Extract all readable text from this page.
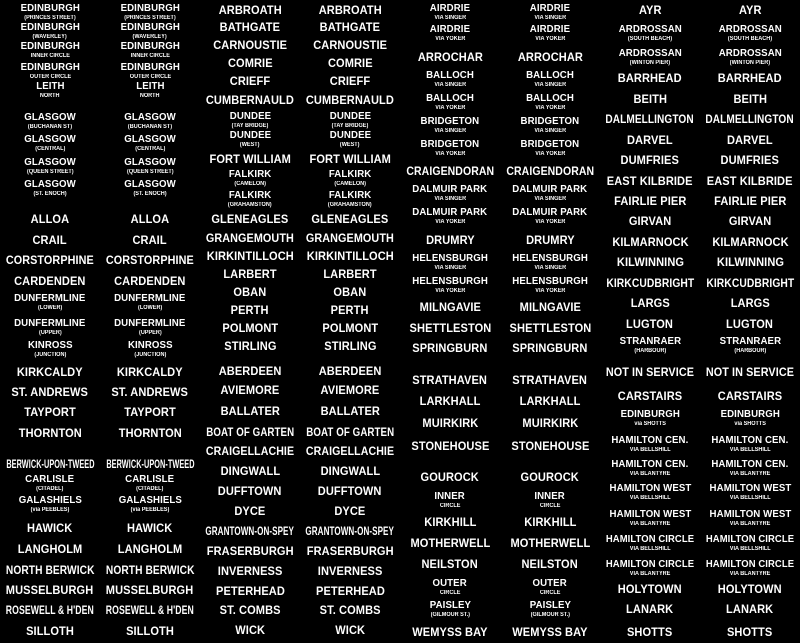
EDINBURGH
(PRINCES STREET)
EDINBURGH
(WAVERLEY)
EDINBURGH
INNER CIRCLE
EDINBURGH
OUTER CIRCLE
LEITH
NORTH
GLASGOW
(BUCHANAN ST)
GLASGOW
(CENTRAL)
GLASGOW
(QUEEN STREET)
GLASGOW
(ST. ENOCH)
ALLOA
CRAIL
CORSTORPHINE
CARDENDEN
DUNFERMLINE
(LOWER)
DUNFERMLINE
(UPPER)
KINROSS
(JUNCTION)
KIRKCALDY
ST. ANDREWS
TAYPORT
THORNTON
BERWICK-UPON-TWEED
CARLISLE
(CITADEL)
GALASHIELS
(via PEEBLES)
HAWICK
LANGHOLM
NORTH BERWICK
MUSSELBURGH
ROSEWELL & H'DEN
SILLOTH
EDINBURGH
(PRINCES STREET)
EDINBURGH
(WAVERLEY)
EDINBURGH
INNER CIRCLE
EDINBURGH
OUTER CIRCLE
LEITH
NORTH
GLASGOW
(BUCHANAN ST)
GLASGOW
(CENTRAL)
GLASGOW
(QUEEN STREET)
GLASGOW
(ST. ENOCH)
ALLOA
CRAIL
CORSTORPHINE
CARDENDEN
DUNFERMLINE
(LOWER)
DUNFERMLINE
(UPPER)
KINROSS
(JUNCTION)
KIRKCALDY
ST. ANDREWS
TAYPORT
THORNTON
BERWICK-UPON-TWEED
CARLISLE
(CITADEL)
GALASHIELS
(via PEEBLES)
HAWICK
LANGHOLM
NORTH BERWICK
MUSSELBURGH
ROSEWELL & H'DEN
SILLOTH
ARBROATH
BATHGATE
CARNOUSTIE
COMRIE
CRIEFF
CUMBERNAULD
DUNDEE
(TAY BRIDGE)
DUNDEE
(WEST)
FORT WILLIAM
FALKIRK
(CAMELON)
FALKIRK
(GRAHAMSTON)
GLENEAGLES
GRANGEMOUTH
KIRKINTILLOCH
LARBERT
OBAN
PERTH
POLMONT
STIRLING
ABERDEEN
AVIEMORE
BALLATER
BOAT OF GARTEN
CRAIGELLACHIE
DINGWALL
DUFFTOWN
DYCE
GRANTOWN-ON-SPEY
FRASERBURGH
INVERNESS
PETERHEAD
ST. COMBS
WICK
ARBROATH
BATHGATE
CARNOUSTIE
COMRIE
CRIEFF
CUMBERNAULD
DUNDEE
(TAY BRIDGE)
DUNDEE
(WEST)
FORT WILLIAM
FALKIRK
(CAMELON)
FALKIRK
(GRAHAMSTON)
GLENEAGLES
GRANGEMOUTH
KIRKINTILLOCH
LARBERT
OBAN
PERTH
POLMONT
STIRLING
ABERDEEN
AVIEMORE
BALLATER
BOAT OF GARTEN
CRAIGELLACHIE
DINGWALL
DUFFTOWN
DYCE
GRANTOWN-ON-SPEY
FRASERBURGH
INVERNESS
PETERHEAD
ST. COMBS
WICK
AIRDRIE
VIA SINGER
AIRDRIE
VIA YOKER
ARROCHAR
BALLOCH
VIA SINGER
BALLOCH
VIA YOKER
BRIDGETON
VIA SINGER
BRIDGETON
VIA YOKER
CRAIGENDORAN
DALMUIR PARK
VIA SINGER
DALMUIR PARK
VIA YOKER
DRUMRY
HELENSBURGH
VIA SINGER
HELENSBURGH
VIA YOKER
MILNGAVIE
SHETTLESTON
SPRINGBURN
STRATHAVEN
LARKHALL
MUIRKIRK
STONEHOUSE
GOUROCK
INNER
CIRCLE
KIRKHILL
MOTHERWELL
NEILSTON
OUTER
CIRCLE
PAISLEY
(GILMOUR ST.)
WEMYSS BAY
AIRDRIE
VIA SINGER
AIRDRIE
VIA YOKER
ARROCHAR
BALLOCH
VIA SINGER
BALLOCH
VIA YOKER
BRIDGETON
VIA SINGER
BRIDGETON
VIA YOKER
CRAIGENDORAN
DALMUIR PARK
VIA SINGER
DALMUIR PARK
VIA YOKER
DRUMRY
HELENSBURGH
VIA SINGER
HELENSBURGH
VIA YOKER
MILNGAVIE
SHETTLESTON
SPRINGBURN
STRATHAVEN
LARKHALL
MUIRKIRK
STONEHOUSE
GOUROCK
INNER
CIRCLE
KIRKHILL
MOTHERWELL
NEILSTON
OUTER
CIRCLE
PAISLEY
(GILMOUR ST.)
WEMYSS BAY
AYR
ARDROSSAN
(SOUTH BEACH)
ARDROSSAN
(WINTON PIER)
BARRHEAD
BEITH
DALMELLINGTON
DARVEL
DUMFRIES
EAST KILBRIDE
FAIRLIE PIER
GIRVAN
KILMARNOCK
KILWINNING
KIRKCUDBRIGHT
LARGS
LUGTON
STRANRAER
(HARBOUR)
NOT IN SERVICE
CARSTAIRS
EDINBURGH
via SHOTTS
HAMILTON CEN.
VIA BELLSHILL
HAMILTON CEN.
VIA BLANTYRE
HAMILTON WEST
VIA BELLSHILL
HAMILTON WEST
VIA BLANTYRE
HAMILTON CIRCLE
VIA BELLSHILL
HAMILTON CIRCLE
VIA BLANTYRE
HOLYTOWN
LANARK
SHOTTS
AYR
ARDROSSAN
(SOUTH BEACH)
ARDROSSAN
(WINTON PIER)
BARRHEAD
BEITH
DALMELLINGTON
DARVEL
DUMFRIES
EAST KILBRIDE
FAIRLIE PIER
GIRVAN
KILMARNOCK
KILWINNING
KIRKCUDBRIGHT
LARGS
LUGTON
STRANRAER
(HARBOUR)
NOT IN SERVICE
CARSTAIRS
EDINBURGH
via SHOTTS
HAMILTON CEN.
VIA BELLSHILL
HAMILTON CEN.
VIA BLANTYRE
HAMILTON WEST
VIA BELLSHILL
HAMILTON WEST
VIA BLANTYRE
HAMILTON CIRCLE
VIA BELLSHILL
HAMILTON CIRCLE
VIA BLANTYRE
HOLYTOWN
LANARK
SHOTTS
